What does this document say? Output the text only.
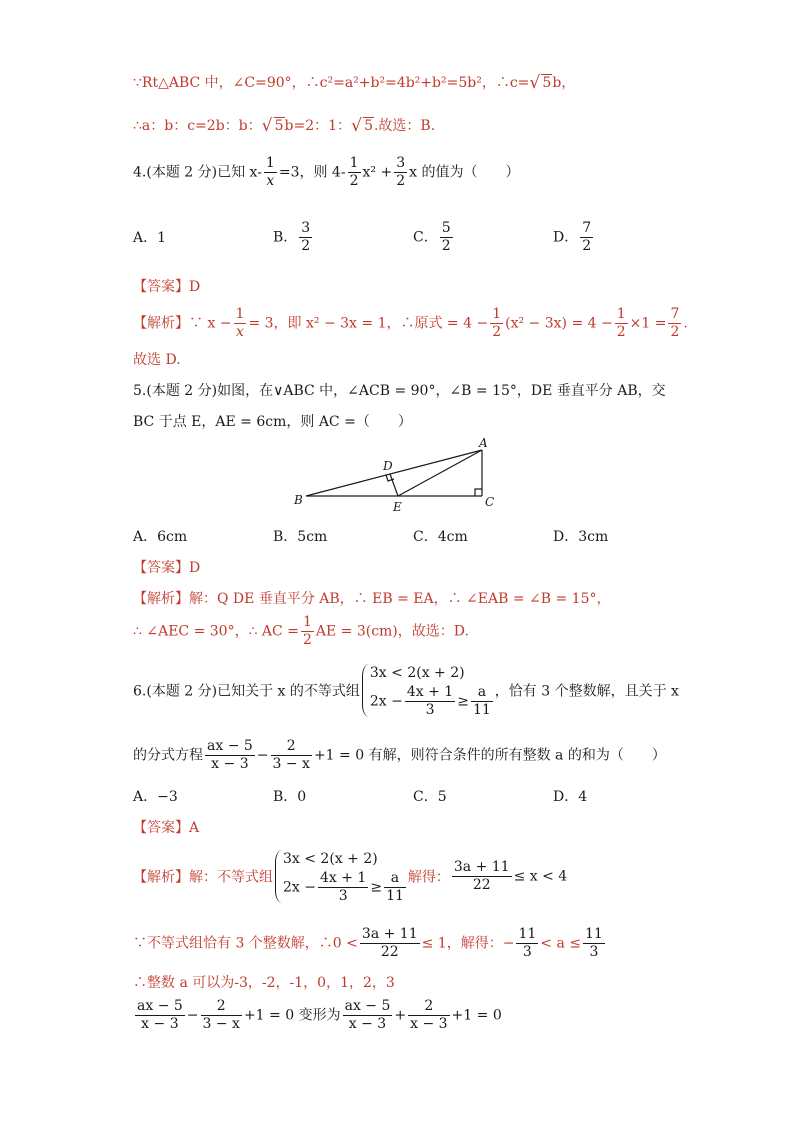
∵Rt△ABC 中，∠C=90°，∴c²=a²+b²=4b²+b²=5b²，∴c= √ 5b，
∴a：b：c=2b：b： √ 5b=2：1： √ 5.故选：B.
4.(本题 2 分)已知 $x- \frac{1}{x} =3$，则 $4- \frac{1}{2} x^2 + \frac{3}{2}$ x 的值为（　　）
A．1	B． $\frac{3}{2}$	C． $\frac{5}{2}$	D． $\frac{7}{2}$
【答案】D
【解析】∵ $x - \frac{1}{x} = 3$，即 x² − 3x = 1，∴原式 = $4 - \frac{1}{2} (x^2 - 3x) = 4 - \frac{1}{2} \times 1 = \frac{7}{2}$ .
故选 D.
5.(本题 2 分)如图，在∨ABC 中，∠ACB = 90°，∠B = 15°，DE 垂直平分 AB，交
BC 于点 E，AE = 6cm，则 AC =（　　）
A
B	C
D
E
A．6cm	B．5cm	C．4cm	D．3cm
【答案】D
【解析】解：Q DE 垂直平分 AB，∴ EB = EA，∴ ∠EAB = ∠B = 15°，
∴ ∠AEC = 30°，∴ AC = $\frac{1}{2}$ AE = 3(cm)，故选：D.
6.(本题 2 分)已知关于 x 的不等式组
3x < 2(x + 2)
$2x - \frac{4x + 1}{3} \ge \frac{a}{11}$ ，恰有 3 个整数解，且关于 x
的分式方程 $\frac{ax - 5}{x - 3} - \frac{2}{3 - x} +1 = 0$ 有解，则符合条件的所有整数 a 的和为（　　）
A．−3	B．0	C．5	D．4
【答案】A
【解析】解：不等式组
3x < 2(x + 2)
$2x - \frac{4x + 1}{3} \ge \frac{a}{11}$ 解得： $\frac{3a + 11}{22} \le x < 4$
∵不等式组恰有 3 个整数解，∴0 < $\frac{3a + 11}{22} \le 1$，解得：− $\frac{11}{3} < a \le \frac{11}{3}$
∴整数 a 可以为-3，-2，-1，0，1，2，3
$\frac{ax - 5}{x - 3} - \frac{2}{3 - x} +1 = 0$ 变形为 $\frac{ax - 5}{x - 3} + \frac{2}{x - 3} +1 = 0$
